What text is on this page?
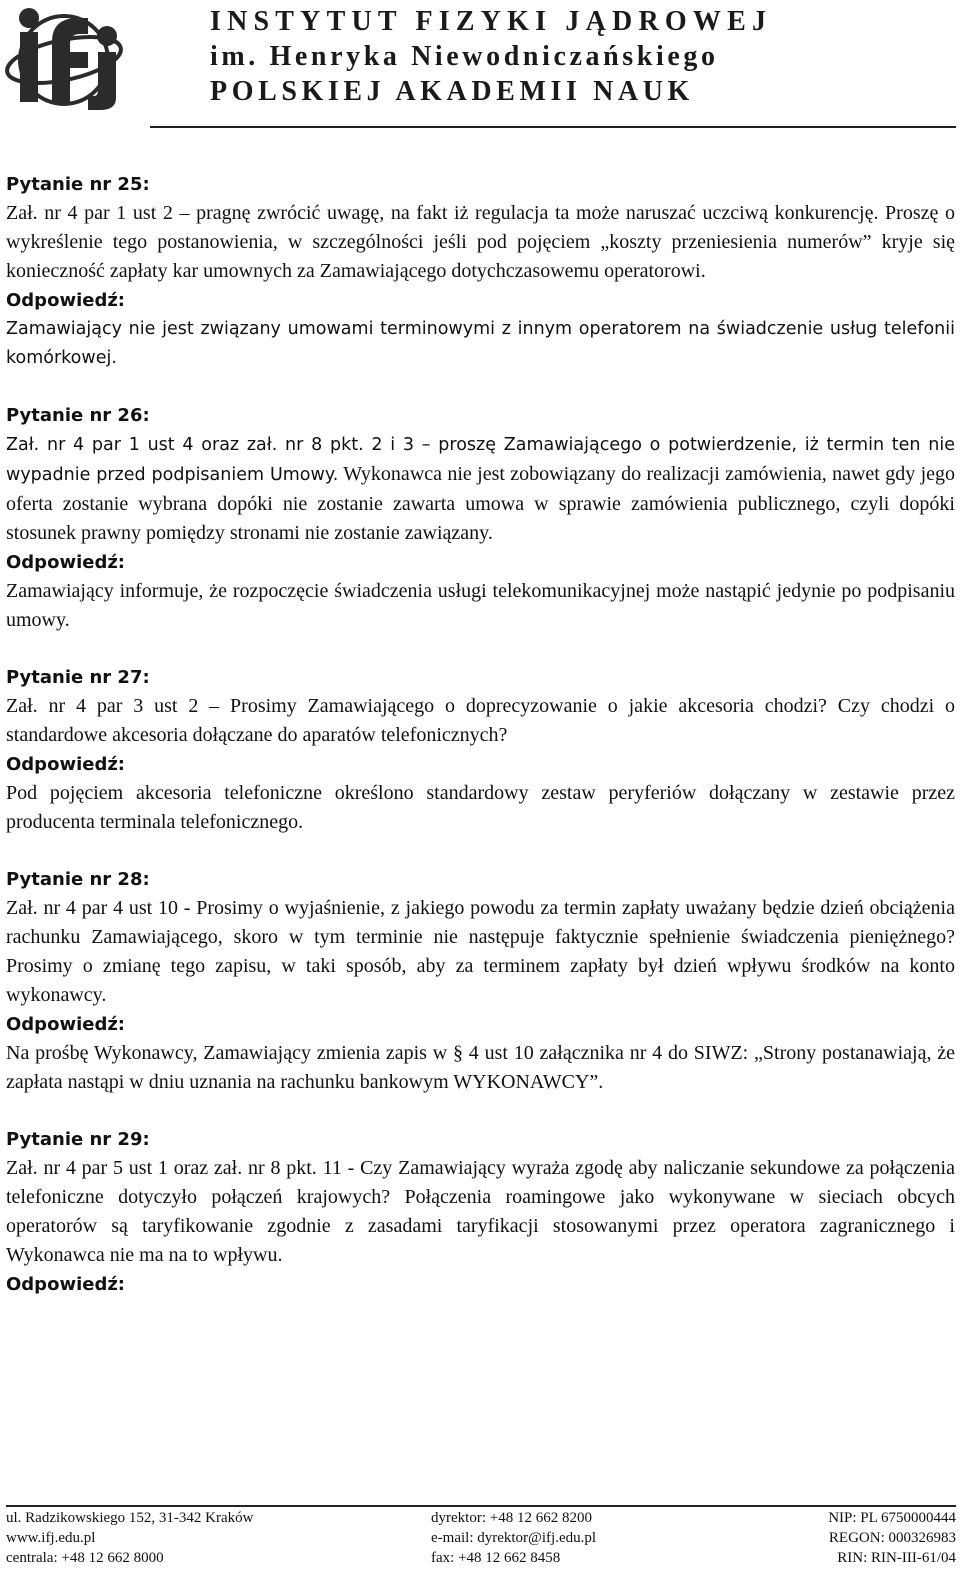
INSTYTUT FIZYKI JĄDROWEJ
im. Henryka Niewodniczańskiego
POLSKIEJ AKADEMII NAUK
Pytanie nr 25:
Zał. nr 4 par 1 ust 2 – pragnę zwrócić uwagę, na fakt iż regulacja ta może naruszać uczciwą konkurencję. Proszę o wykreślenie tego postanowienia, w szczególności jeśli pod pojęciem „koszty przeniesienia numerów” kryje się konieczność zapłaty kar umownych za Zamawiającego dotychczasowemu operatorowi.
Odpowiedź:
Zamawiający nie jest związany umowami terminowymi z innym operatorem na świadczenie usług telefonii komórkowej.
Pytanie nr 26:
Zał. nr 4 par 1 ust 4 oraz zał. nr 8 pkt. 2 i 3 – proszę Zamawiającego o potwierdzenie, iż termin ten nie wypadnie przed podpisaniem Umowy. Wykonawca nie jest zobowiązany do realizacji zamówienia, nawet gdy jego oferta zostanie wybrana dopóki nie zostanie zawarta umowa w sprawie zamówienia publicznego, czyli dopóki stosunek prawny pomiędzy stronami nie zostanie zawiązany.
Odpowiedź:
Zamawiający informuje, że rozpoczęcie świadczenia usługi telekomunikacyjnej może nastąpić jedynie po podpisaniu umowy.
Pytanie nr 27:
Zał. nr 4 par 3 ust 2 – Prosimy Zamawiającego o doprecyzowanie o jakie akcesoria chodzi? Czy chodzi o standardowe akcesoria dołączane do aparatów telefonicznych?
Odpowiedź:
Pod pojęciem akcesoria telefoniczne określono standardowy zestaw peryferiów dołączany w zestawie przez producenta terminala telefonicznego.
Pytanie nr 28:
Zał. nr 4 par 4 ust 10 - Prosimy o wyjaśnienie, z jakiego powodu za termin zapłaty uważany będzie dzień obciążenia rachunku Zamawiającego, skoro w tym terminie nie następuje faktycznie spełnienie świadczenia pieniężnego? Prosimy o zmianę tego zapisu, w taki sposób, aby za terminem zapłaty był dzień wpływu środków na konto wykonawcy.
Odpowiedź:
Na prośbę Wykonawcy, Zamawiający zmienia zapis w § 4 ust 10 załącznika nr 4 do SIWZ: „Strony postanawiają, że zapłata nastąpi w dniu uznania na rachunku bankowym WYKONAWCY”.
Pytanie nr 29:
Zał. nr 4 par 5 ust 1 oraz zał. nr 8 pkt. 11 - Czy Zamawiający wyraża zgodę aby naliczanie sekundowe za połączenia telefoniczne dotyczyło połączeń krajowych? Połączenia roamingowe jako wykonywane w sieciach obcych operatorów są taryfikowanie zgodnie z zasadami taryfikacji stosowanymi przez operatora zagranicznego i Wykonawca nie ma na to wpływu.
Odpowiedź:
ul. Radzikowskiego 152, 31-342 Kraków
www.ifj.edu.pl
centrala: +48 12 662 8000
dyrektor: +48 12 662 8200
e-mail: dyrektor@ifj.edu.pl
fax: +48 12 662 8458
NIP: PL 6750000444
REGON: 000326983
RIN: RIN-III-61/04
